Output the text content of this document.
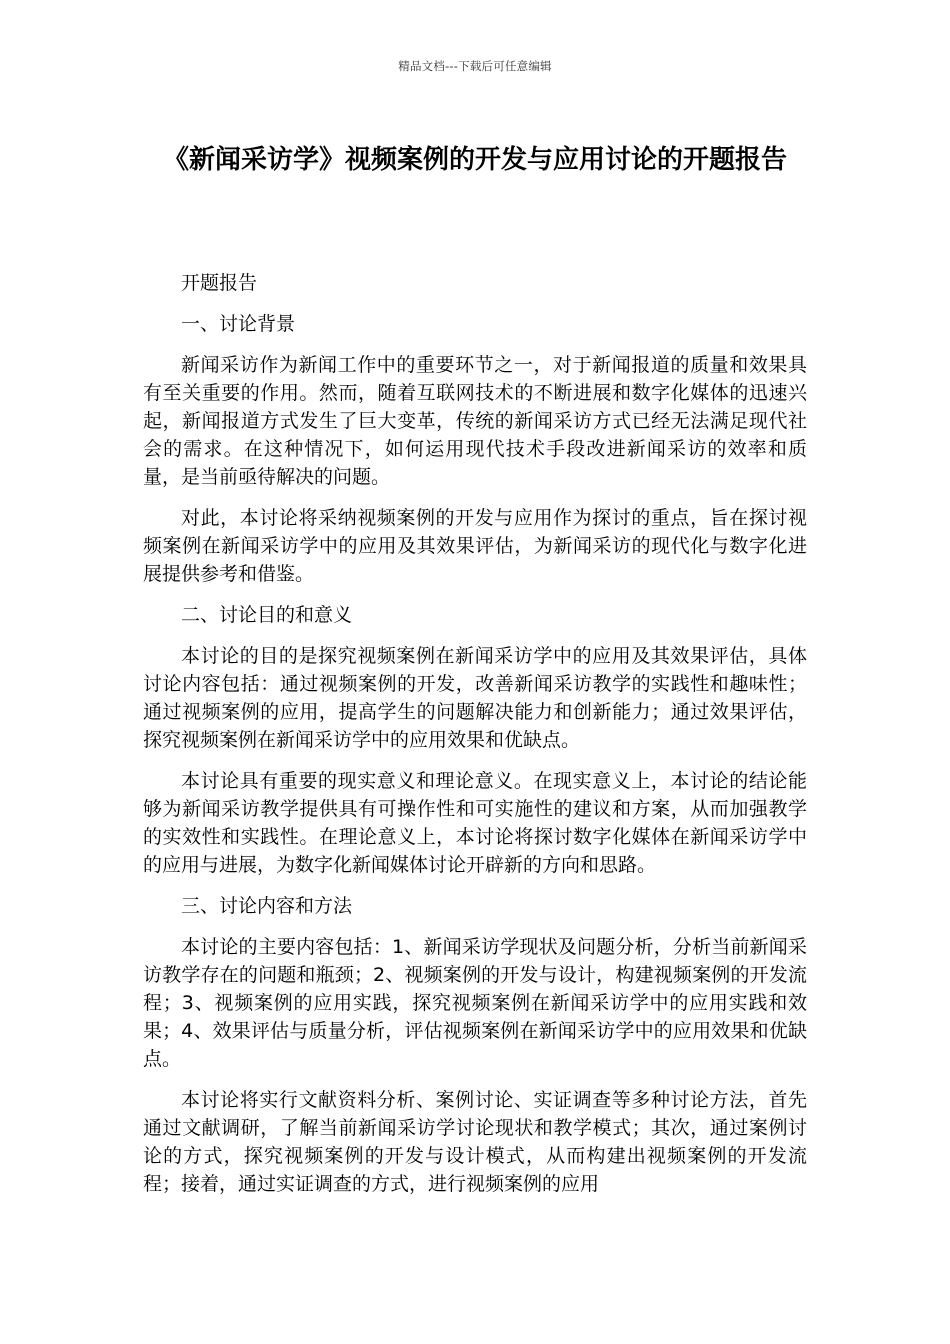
精品文档---下载后可任意编辑
《新闻采访学》视频案例的开发与应用讨论的开题报告

开题报告

一、讨论背景

新闻采访作为新闻工作中的重要环节之一，对于新闻报道的质量和效果具有至关重要的作用。然而，随着互联网技术的不断进展和数字化媒体的迅速兴起，新闻报道方式发生了巨大变革，传统的新闻采访方式已经无法满足现代社会的需求。在这种情况下，如何运用现代技术手段改进新闻采访的效率和质量，是当前亟待解决的问题。

对此，本讨论将采纳视频案例的开发与应用作为探讨的重点，旨在探讨视频案例在新闻采访学中的应用及其效果评估，为新闻采访的现代化与数字化进展提供参考和借鉴。

二、讨论目的和意义

本讨论的目的是探究视频案例在新闻采访学中的应用及其效果评估，具体讨论内容包括：通过视频案例的开发，改善新闻采访教学的实践性和趣味性；通过视频案例的应用，提高学生的问题解决能力和创新能力；通过效果评估，探究视频案例在新闻采访学中的应用效果和优缺点。

本讨论具有重要的现实意义和理论意义。在现实意义上，本讨论的结论能够为新闻采访教学提供具有可操作性和可实施性的建议和方案，从而加强教学的实效性和实践性。在理论意义上，本讨论将探讨数字化媒体在新闻采访学中的应用与进展，为数字化新闻媒体讨论开辟新的方向和思路。

三、讨论内容和方法

本讨论的主要内容包括：1、新闻采访学现状及问题分析，分析当前新闻采访教学存在的问题和瓶颈；2、视频案例的开发与设计，构建视频案例的开发流程；3、视频案例的应用实践，探究视频案例在新闻采访学中的应用实践和效果；4、效果评估与质量分析，评估视频案例在新闻采访学中的应用效果和优缺点。

本讨论将实行文献资料分析、案例讨论、实证调查等多种讨论方法，首先通过文献调研，了解当前新闻采访学讨论现状和教学模式；其次，通过案例讨论的方式，探究视频案例的开发与设计模式，从而构建出视频案例的开发流程；接着，通过实证调查的方式，进行视频案例的应用
